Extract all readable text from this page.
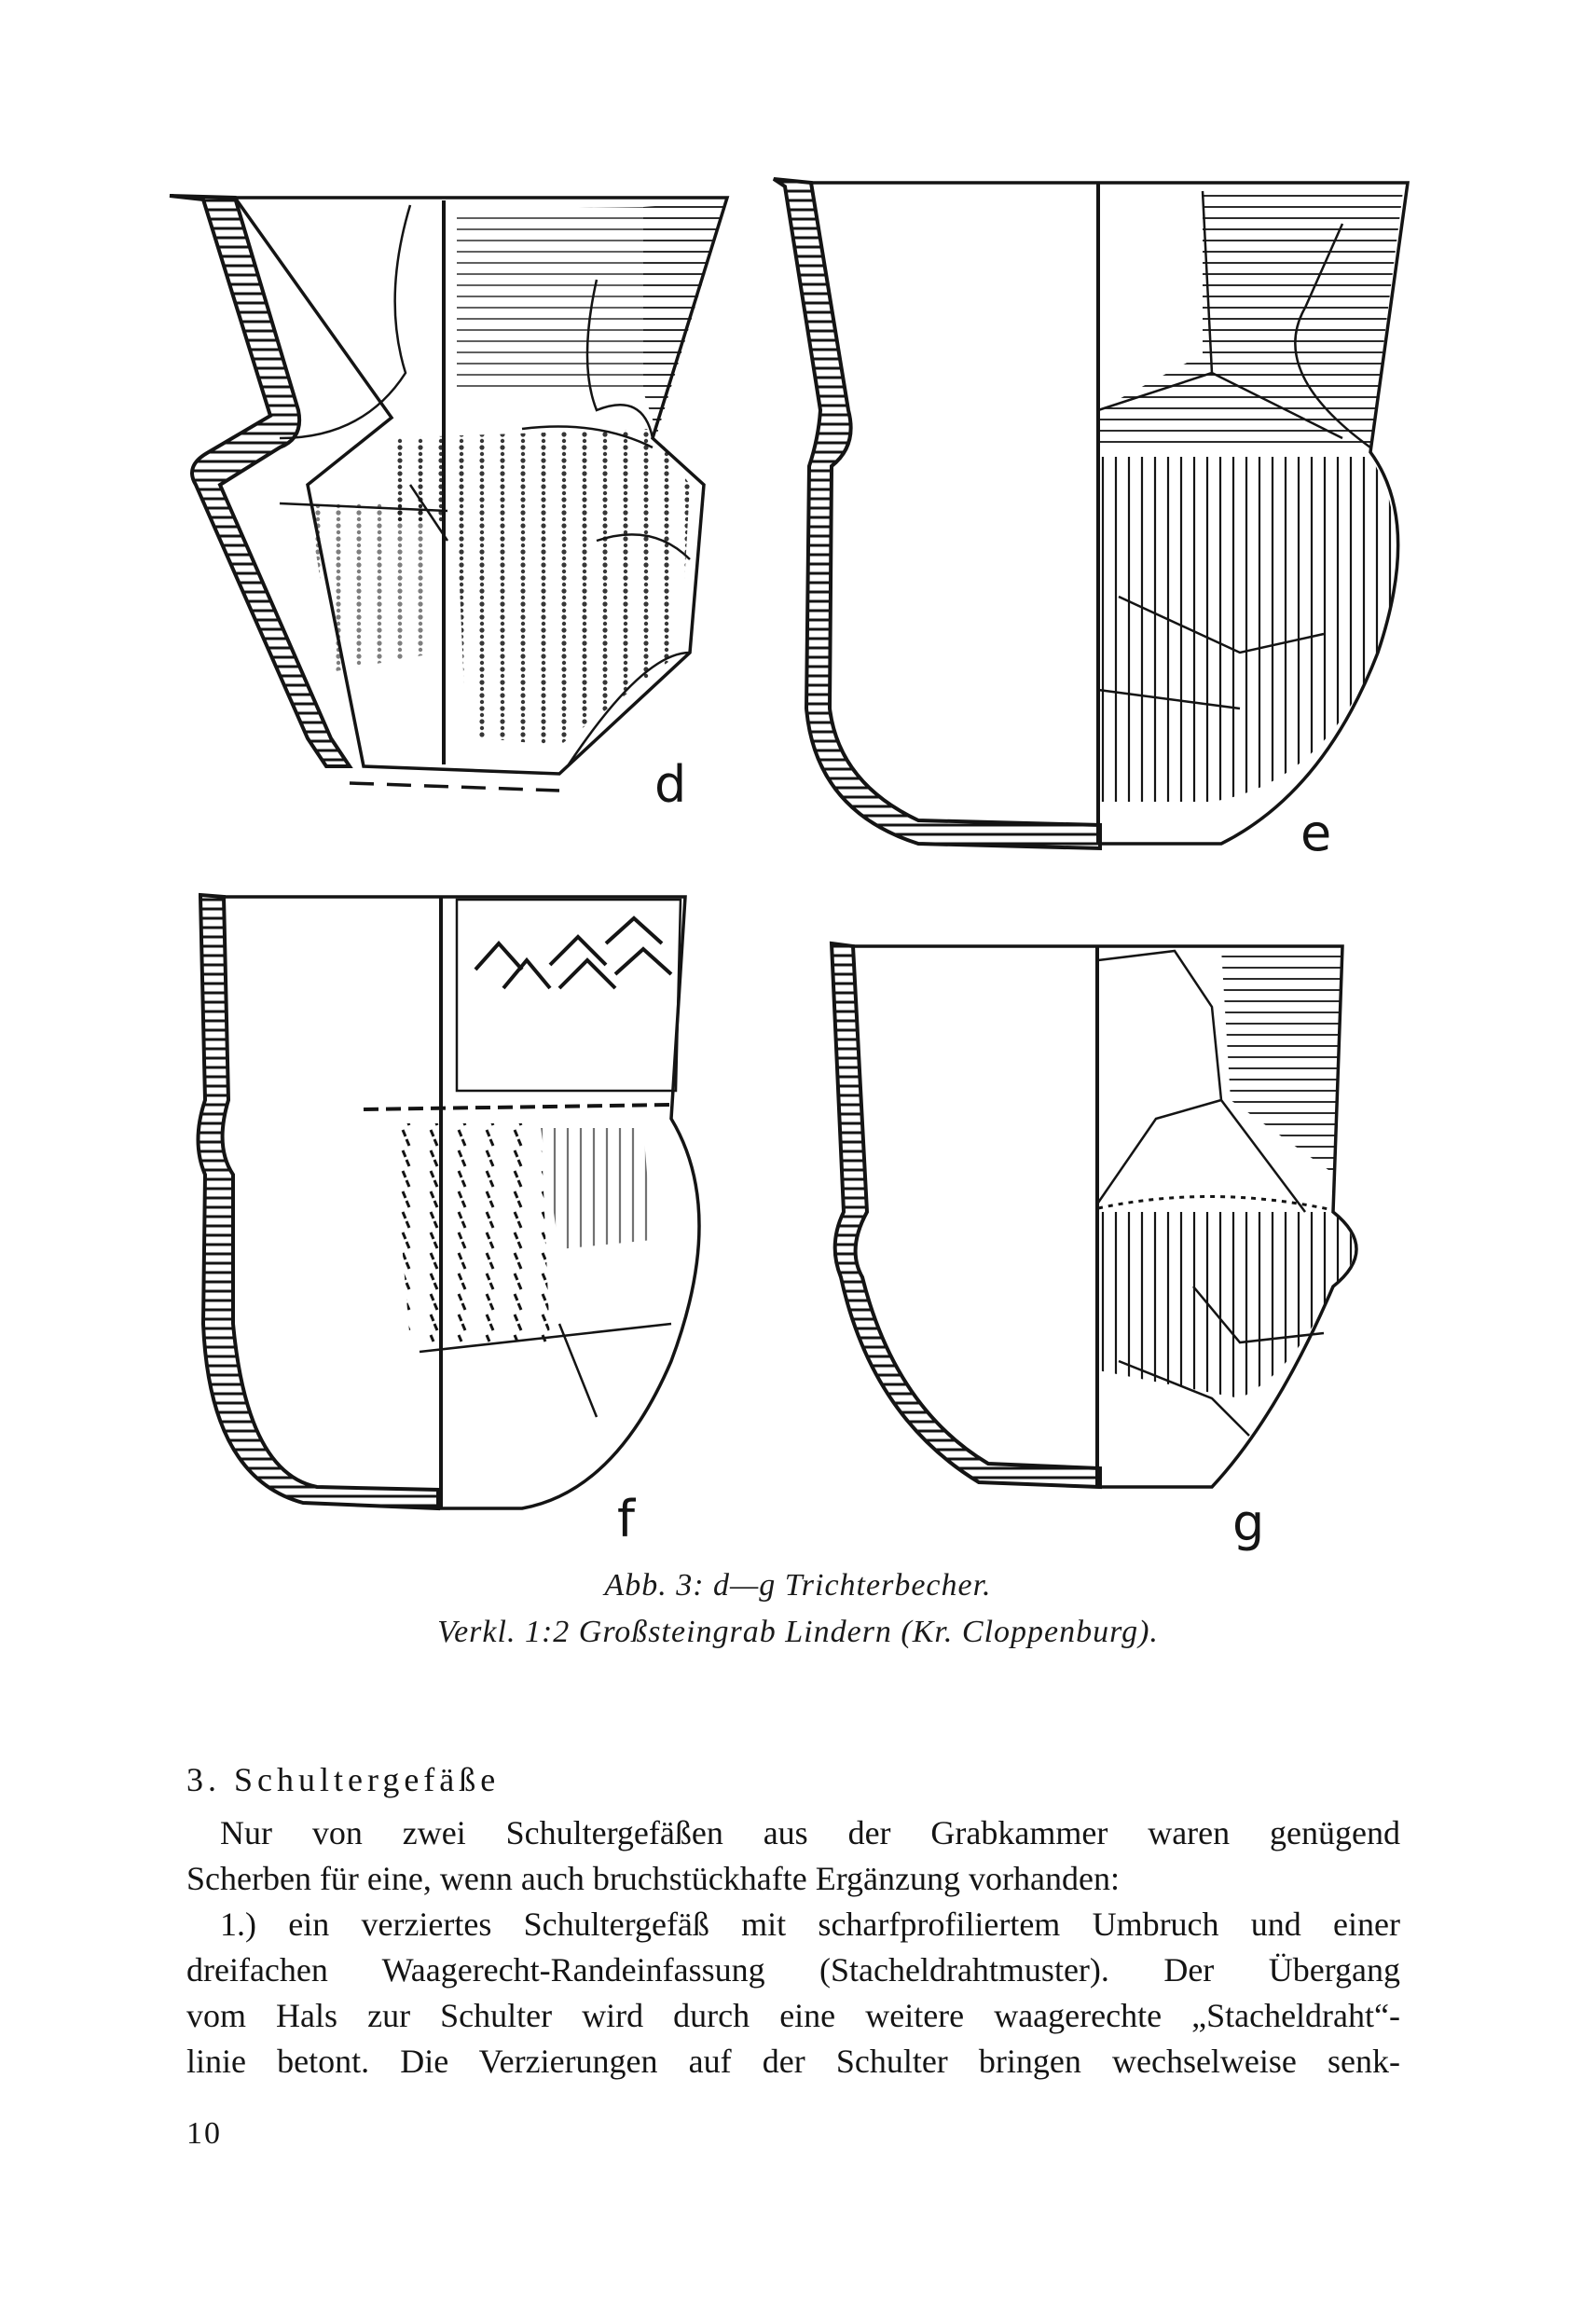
d
e
f	g
Abb. 3: d—g Trichterbecher.
Verkl. 1:2 Großsteingrab Lindern (Kr. Cloppenburg).
3. Schultergefäße

Nur von zwei Schultergefäßen aus der Grabkammer waren genügend

Scherben für eine, wenn auch bruchstückhafte Ergänzung vorhanden:

1.) ein verziertes Schultergefäß mit scharfprofiliertem Umbruch und einer

dreifachen Waagerecht-Randeinfassung (Stacheldrahtmuster). Der Übergang

vom Hals zur Schulter wird durch eine weitere waagerechte „Stacheldraht“-

linie betont. Die Verzierungen auf der Schulter bringen wechselweise senk-

10
